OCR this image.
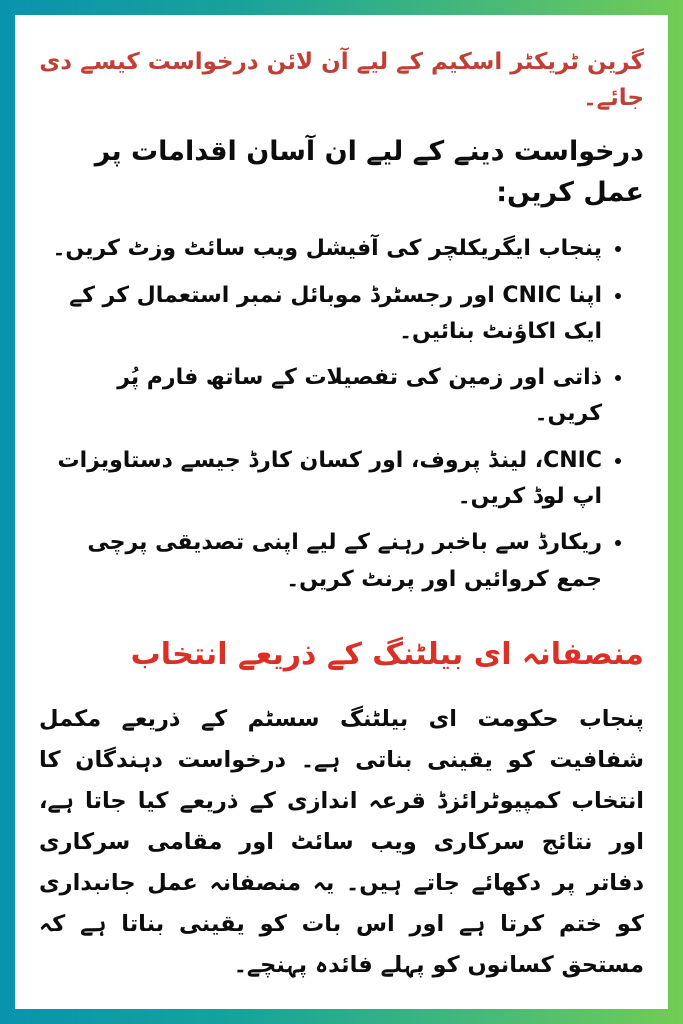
گرین ٹریکٹر اسکیم کے لیے آن لائن درخواست کیسے دی جائے۔
درخواست دینے کے لیے ان آسان اقدامات پر عمل کریں:
• پنجاب ایگریکلچر کی آفیشل ویب سائٹ وزٹ کریں۔
• اپنا CNIC اور رجسٹرڈ موبائل نمبر استعمال کر کے ایک اکاؤنٹ بنائیں۔
• ذاتی اور زمین کی تفصیلات کے ساتھ فارم پُر کریں۔
• CNIC، لینڈ پروف، اور کسان کارڈ جیسے دستاویزات اپ لوڈ کریں۔
• ریکارڈ سے باخبر رہنے کے لیے اپنی تصدیقی پرچی جمع کروائیں اور پرنٹ کریں۔
منصفانہ ای بیلٹنگ کے ذریعے انتخاب

پنجاب حکومت ای بیلٹنگ سسٹم کے ذریعے مکمل شفافیت کو یقینی بناتی ہے۔ درخواست دہندگان کا انتخاب کمپیوٹرائزڈ قرعہ اندازی کے ذریعے کیا جاتا ہے، اور نتائج سرکاری ویب سائٹ اور مقامی سرکاری دفاتر پر دکھائے جاتے ہیں۔ یہ منصفانہ عمل جانبداری کو ختم کرتا ہے اور اس بات کو یقینی بناتا ہے کہ مستحق کسانوں کو پہلے فائدہ پہنچے۔
